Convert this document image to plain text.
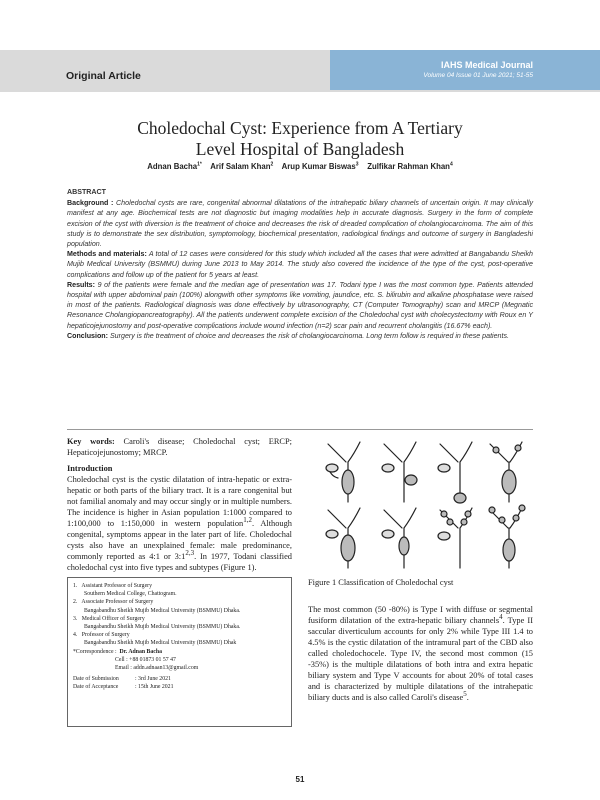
Original Article
IAHS Medical Journal
Volume 04 Issue 01 June 2021; 51-55
Choledochal Cyst: Experience from A Tertiary
Level Hospital of Bangladesh
Adnan Bacha$^{1*}$ Arif Salam Khan$^2$ Arup Kumar Biswas$^3$ Zulfikar Rahman Khan$^4$
ABSTRACT

Background : Choledochal cysts are rare, congenital abnormal dilatations of the intrahepatic biliary channels of uncertain origin. It may clinically manifest at any age. Biochemical tests are not diagnostic but imaging modalities help in accurate diagnosis. Surgery in the form of complete excision of the cyst with diversion is the treatment of choice and decreases the risk of dreaded complication of cholangiocarcinoma. The aim of this study is to demonstrate the sex distribution, symptomology, biochemical presentation, radiological findings and outcome of surgery in Bangladeshi population.

Methods and materials: A total of 12 cases were considered for this study which included all the cases that were admitted at Bangabandu Sheikh Mujib Medical University (BSMMU) during June 2013 to May 2014. The study also covered the incidence of the type of the cyst, post-operative complications and follow up of the patient for 5 years at least.

Results: 9 of the patients were female and the median age of presentation was 17. Todani type I was the most common type. Patients attended hospital with upper abdominal pain (100%) alongwith other symptoms like vomiting, jaundice, etc. S. bilirubin and alkaline phosphatase were raised in most of the patients. Radiological diagnosis was done effectively by ultrasonography, CT (Computer Tomography) scan and MRCP (Megnatic Resonance Cholangiopancreatography). All the patients underwent complete excision of the Choledochal cyst with cholecystectomy with Roux en Y hepaticojejunostomy and post-operative complications include wound infection (n=2) scar pain and recurrent cholangitis (16.67% each).

Conclusion: Surgery is the treatment of choice and decreases the risk of cholangiocarcinoma. Long term follow is required in these patients.

Key words: Caroli's disease; Choledochal cyst; ERCP; Hepaticojejunostomy; MRCP.

Introduction

Choledochal cyst is the cystic dilatation of intra-hepatic or extra-hepatic or both parts of the biliary tract. It is a rare congenital but not familial anomaly and may occur singly or in multiple numbers. The incidence is higher in Asian population 1:1000 compared to 1:100,000 to 1:150,000 in western population$^{1,2}$. Although congenital, symptoms appear in the later part of life. Choledochal cysts also have an unexplained female: male predominance, commonly reported as 4:1 or 3:1$^{2,3}$. In 1977, Todani classified choledochal cyst into five types and subtypes (Figure 1).

1. Assistant Professor of Surgery
Southern Medical College, Chattogram.
2. Associate Professor of Surgery
Bangabandhu Sheikh Mujib Medical University (BSMMU) Dhaka.
3. Medical Officer of Surgery
Bangabandhu Sheikh Mujib Medical University (BSMMU) Dhaka.
4. Professor of Surgery
Bangabandhu Sheikh Mujib Medical University (BSMMU) Dhak
*Correspondence : Dr. Adnan Bacha
Cell : +88 01873 01 57 47
Email : addn.adnaan13@gmail.com
Date of Submission	: 3rd June 2021
Date of Acceptance	: 15th June 2021
Figure 1 Classification of Choledochal cyst

The most common (50 -80%) is Type I with diffuse or segmental fusiform dilatation of the extra-hepatic biliary channels$^4$. Type II saccular diverticulum accounts for only 2% while Type III 1.4 to 4.5% is the cystic dilatation of the intramural part of the CBD also called choledochocele. Type IV, the second most common (15 -35%) is the multiple dilatations of both intra and extra hepatic biliary system and Type V accounts for about 20% of total cases and is characterized by multiple dilatations of the intrahepatic biliary ducts and is also called Caroli's disease$^5$.

51
